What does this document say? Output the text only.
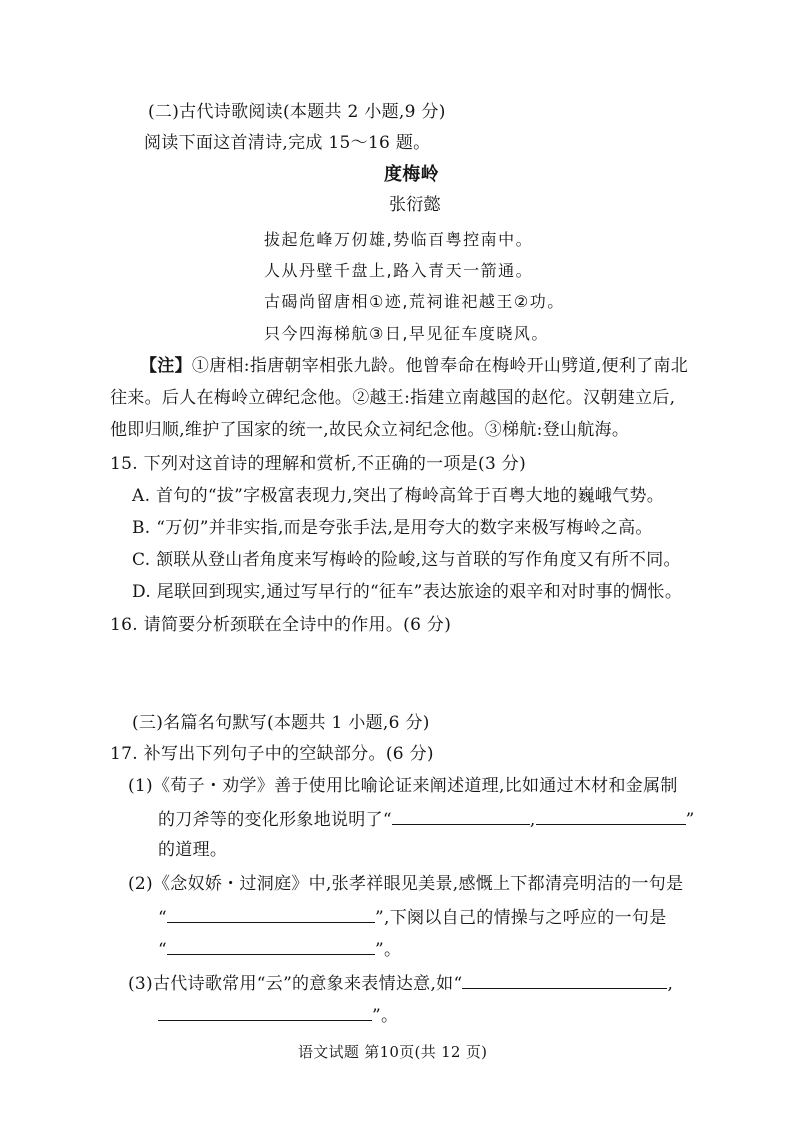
(二)古代诗歌阅读(本题共 2 小题,9 分)
阅读下面这首清诗,完成 15～16 题。
度梅岭
张衍懿
拔起危峰万仞雄,势临百粤控南中。
人从丹壁千盘上,路入青天一箭通。
古碣尚留唐相①迹,荒祠谁祀越王②功。
只今四海梯航③日,早见征车度晓风。
【注】①唐相:指唐朝宰相张九龄。他曾奉命在梅岭开山劈道,便利了南北
往来。后人在梅岭立碑纪念他。②越王:指建立南越国的赵佗。汉朝建立后,
他即归顺,维护了国家的统一,故民众立祠纪念他。③梯航:登山航海。
15. 下列对这首诗的理解和赏析,不正确的一项是(3 分)
A. 首句的“拔”字极富表现力,突出了梅岭高耸于百粤大地的巍峨气势。
B. “万仞”并非实指,而是夸张手法,是用夸大的数字来极写梅岭之高。
C. 颔联从登山者角度来写梅岭的险峻,这与首联的写作角度又有所不同。
D. 尾联回到现实,通过写早行的“征车”表达旅途的艰辛和对时事的惆怅。
16. 请简要分析颈联在全诗中的作用。(6 分)
(三)名篇名句默写(本题共 1 小题,6 分)
17. 补写出下列句子中的空缺部分。(6 分)
(1)《荀子・劝学》善于使用比喻论证来阐述道理,比如通过木材和金属制
的刀斧等的变化形象地说明了“	,	”
的道理。
(2)《念奴娇・过洞庭》中,张孝祥眼见美景,感慨上下都清亮明洁的一句是
“	”,下阕以自己的情操与之呼应的一句是
“	”。
(3)古代诗歌常用“云”的意象来表情达意,如“	,
”。
语文试题 第10页(共 12 页)
